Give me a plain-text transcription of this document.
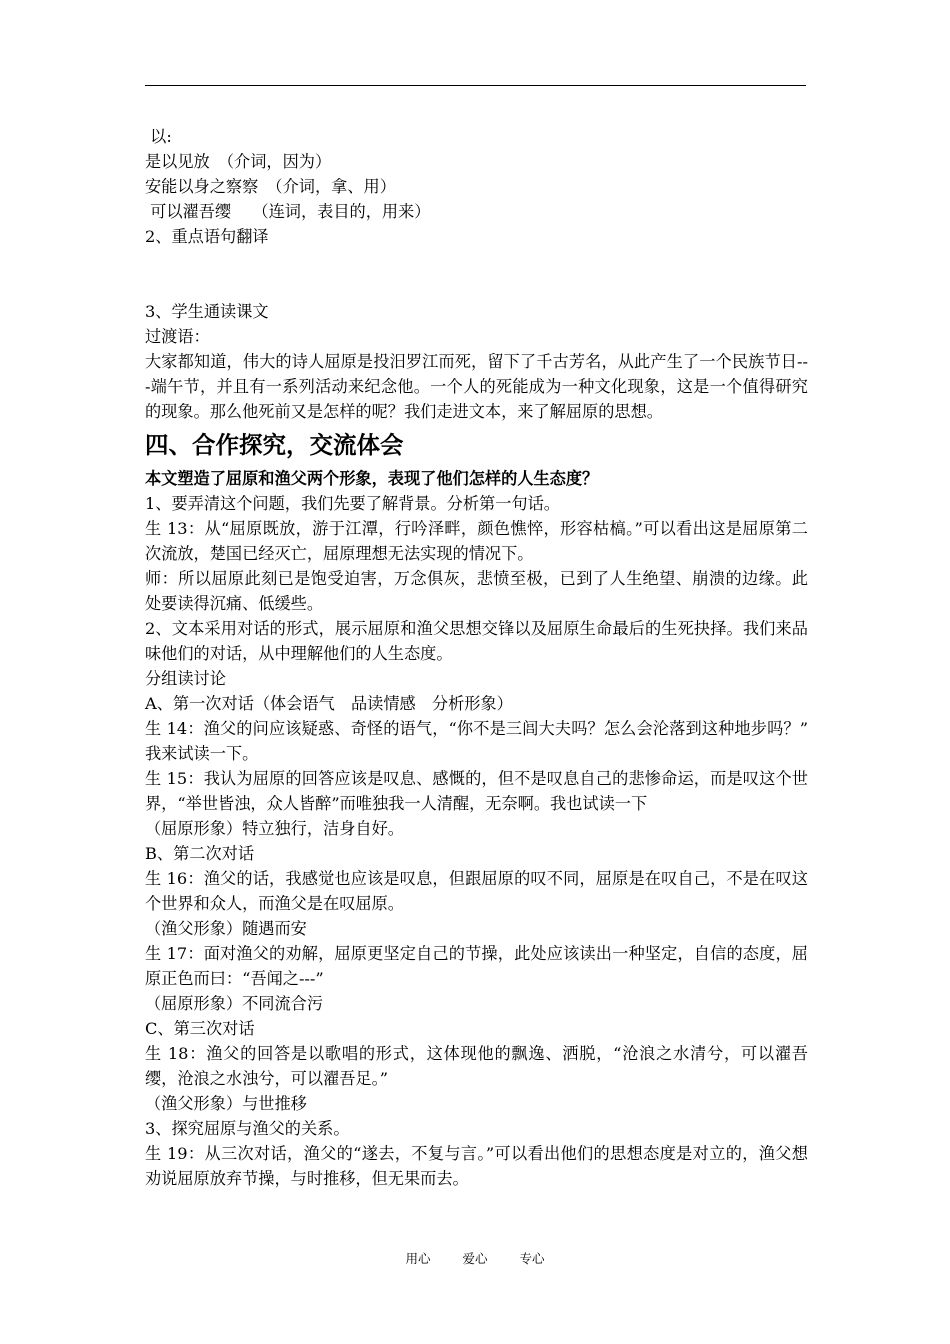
以:

是以见放　（介词，因为）

安能以身之察察　（介词，拿、用）

可以濯吾缨　 （连词，表目的，用来）

2、重点语句翻译

3、学生通读课文

过渡语：

大家都知道，伟大的诗人屈原是投汨罗江而死，留下了千古芳名，从此产生了一个民族节日---端午节，并且有一系列活动来纪念他。一个人的死能成为一种文化现象，这是一个值得研究的现象。那么他死前又是怎样的呢？我们走进文本，来了解屈原的思想。

四、合作探究，交流体会

本文塑造了屈原和渔父两个形象，表现了他们怎样的人生态度？

1、要弄清这个问题，我们先要了解背景。分析第一句话。

生 13：从“屈原既放，游于江潭，行吟泽畔，颜色憔悴，形容枯槁。”可以看出这是屈原第二次流放，楚国已经灭亡，屈原理想无法实现的情况下。

师：所以屈原此刻已是饱受迫害，万念俱灰，悲愤至极，已到了人生绝望、崩溃的边缘。此处要读得沉痛、低缓些。

2、文本采用对话的形式，展示屈原和渔父思想交锋以及屈原生命最后的生死抉择。我们来品味他们的对话，从中理解他们的人生态度。

分组读讨论

A、第一次对话（体会语气　品读情感　分析形象）

生 14：渔父的问应该疑惑、奇怪的语气，“你不是三闾大夫吗？怎么会沦落到这种地步吗？”　我来试读一下。

生 15：我认为屈原的回答应该是叹息、感慨的，但不是叹息自己的悲惨命运，而是叹这个世界，“举世皆浊，众人皆醉”而唯独我一人清醒，无奈啊。我也试读一下

（屈原形象）特立独行，洁身自好。

B、第二次对话

生 16：渔父的话，我感觉也应该是叹息，但跟屈原的叹不同，屈原是在叹自己，不是在叹这个世界和众人，而渔父是在叹屈原。

（渔父形象）随遇而安

生 17：面对渔父的劝解，屈原更坚定自己的节操，此处应该读出一种坚定，自信的态度，屈原正色而曰：“吾闻之---”

（屈原形象）不同流合污

C、第三次对话

生 18：渔父的回答是以歌唱的形式，这体现他的飘逸、洒脱，“沧浪之水清兮，可以濯吾缨，沧浪之水浊兮，可以濯吾足。”

（渔父形象）与世推移

3、探究屈原与渔父的关系。

生 19：从三次对话，渔父的“遂去，不复与言。”可以看出他们的思想态度是对立的，渔父想劝说屈原放弃节操，与时推移，但无果而去。

用心	爱心	专心
